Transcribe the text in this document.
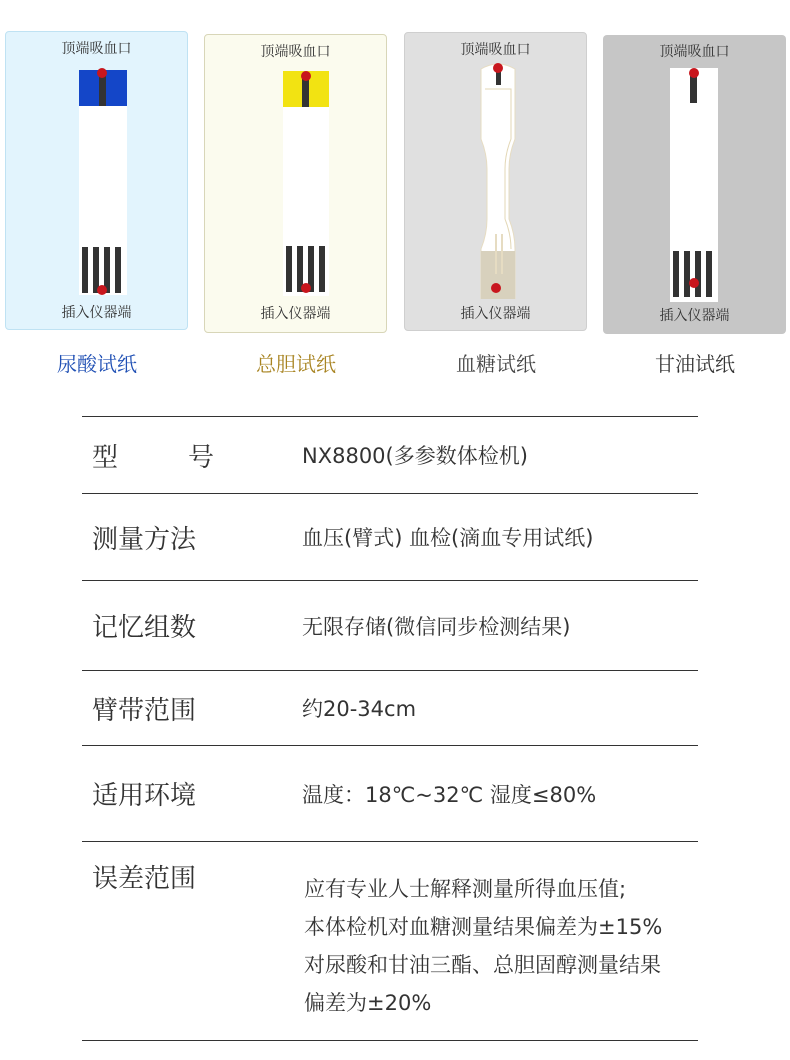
顶端吸血口
插入仪器端
尿酸试纸
顶端吸血口
插入仪器端
总胆试纸
顶端吸血口
插入仪器端
血糖试纸
顶端吸血口
插入仪器端
甘油试纸
型 号	NX8800(多参数体检机)
测量方法	血压(臂式) 血检(滴血专用试纸)
记忆组数	无限存储(微信同步检测结果)
臂带范围	约20-34cm
适用环境	温度：18℃~32℃ 湿度≤80%
误差范围	应有专业人士解释测量所得血压值;
本体检机对血糖测量结果偏差为±15%
对尿酸和甘油三酯、总胆固醇测量结果
偏差为±20%
